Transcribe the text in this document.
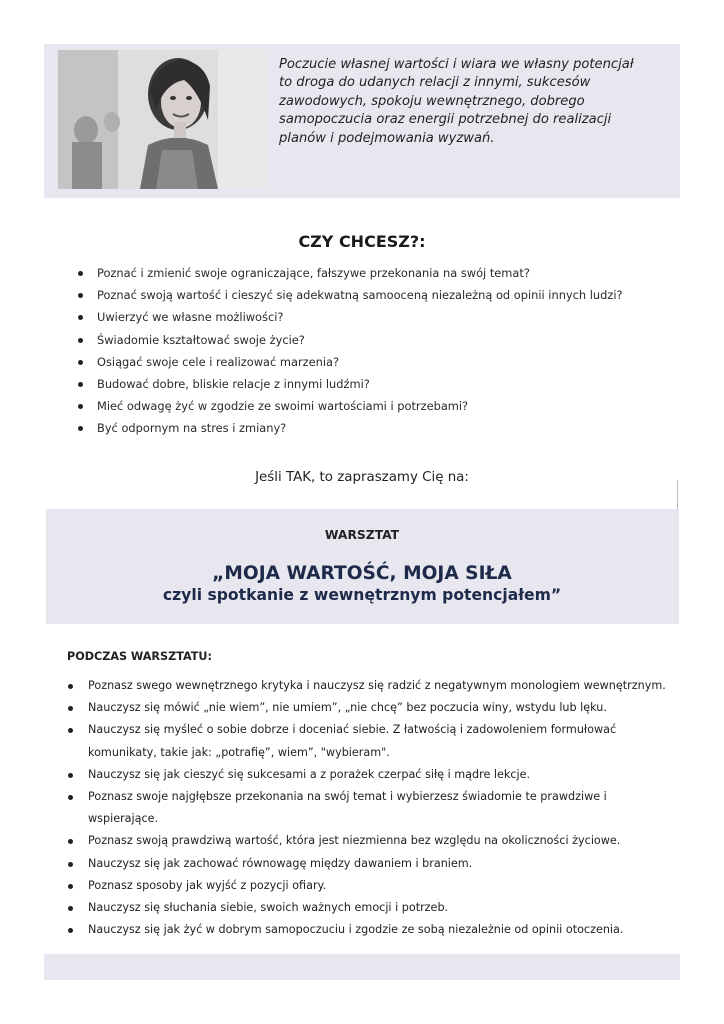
Poczucie własnej wartości i wiara we własny potencjał
to droga do udanych relacji z innymi, sukcesów
zawodowych, spokoju wewnętrznego, dobrego
samopoczucia oraz energii potrzebnej do realizacji
planów i podejmowania wyzwań.
CZY CHCESZ?:
Poznać i zmienić swoje ograniczające, fałszywe przekonania na swój temat?
Poznać swoją wartość i cieszyć się adekwatną samooceną niezależną od opinii innych ludzi?
Uwierzyć we własne możliwości?
Świadomie kształtować swoje życie?
Osiągać swoje cele i realizować marzenia?
Budować dobre, bliskie relacje z innymi ludźmi?
Mieć odwagę żyć w zgodzie ze swoimi wartościami i potrzebami?
Być odpornym na stres i zmiany?
Jeśli TAK, to zapraszamy Cię na:
WARSZTAT
„MOJA WARTOŚĆ, MOJA SIŁA
czyli spotkanie z wewnętrznym potencjałem”
PODCZAS WARSZTATU:
Poznasz swego wewnętrznego krytyka i nauczysz się radzić z negatywnym monologiem wewnętrznym.
Nauczysz się mówić „nie wiem”, nie umiem”, „nie chcę” bez poczucia winy, wstydu lub lęku.
Nauczysz się myśleć o sobie dobrze i doceniać siebie. Z łatwością i zadowoleniem formułować komunikaty, takie jak: „potrafię”, wiem”, "wybieram".
Nauczysz się jak cieszyć się sukcesami a z porażek czerpać siłę i mądre lekcje.
Poznasz swoje najgłębsze przekonania na swój temat i wybierzesz świadomie te prawdziwe i wspierające.
Poznasz swoją prawdziwą wartość, która jest niezmienna bez względu na okoliczności życiowe.
Nauczysz się jak zachować równowagę między dawaniem i braniem.
Poznasz sposoby jak wyjść z pozycji ofiary.
Nauczysz się słuchania siebie, swoich ważnych emocji i potrzeb.
Nauczysz się jak żyć w dobrym samopoczuciu i zgodzie ze sobą niezależnie od opinii otoczenia.
